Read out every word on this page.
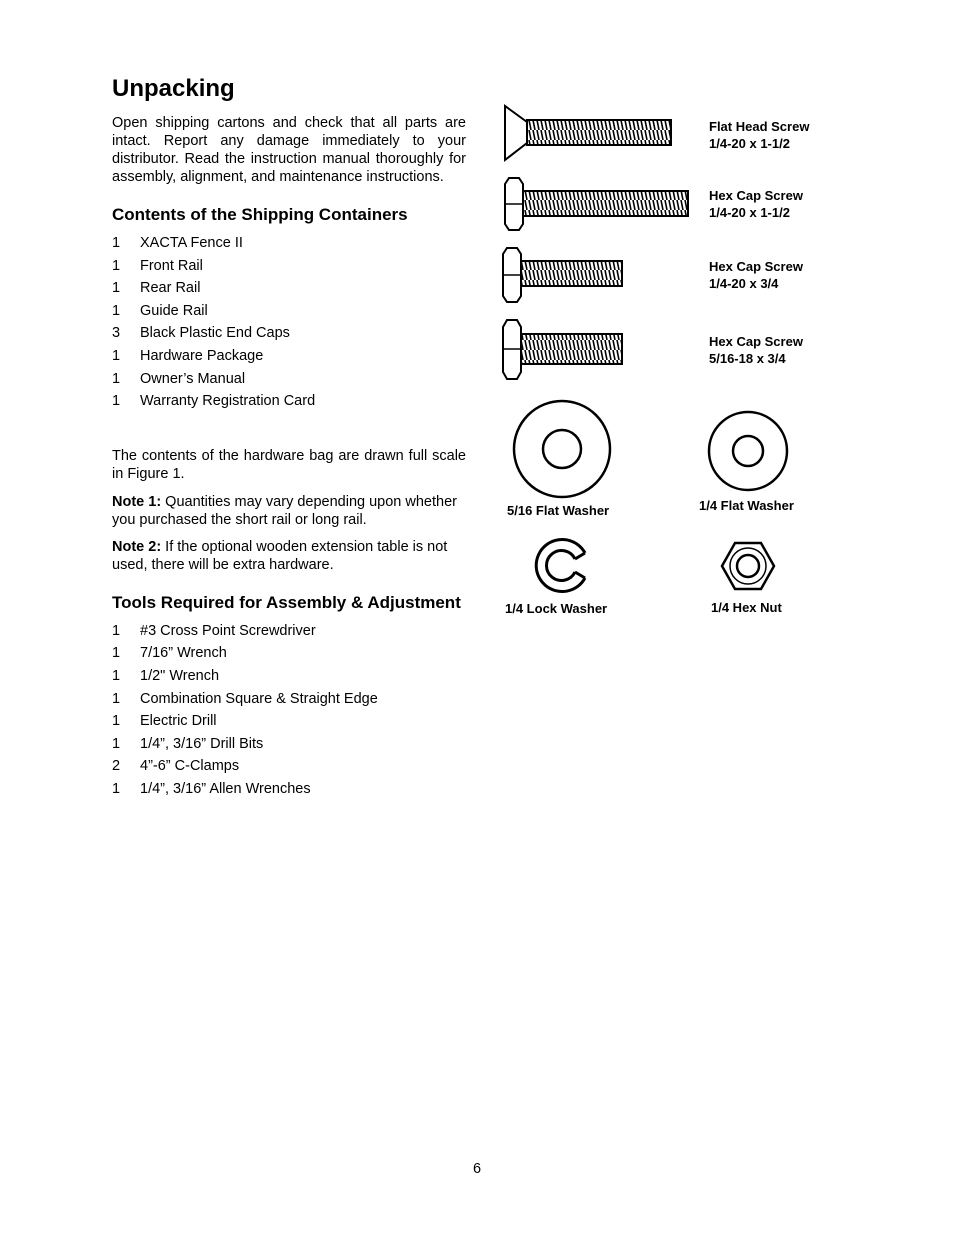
Unpacking

Open shipping cartons and check that all parts are intact. Report any damage immediately to your distributor. Read the instruction manual thoroughly for assembly, alignment, and maintenance instructions.

Contents of the Shipping Containers
1	XACTA Fence II
1	Front Rail
1	Rear Rail
1	Guide Rail
3	Black Plastic End Caps
1	Hardware Package
1	Owner’s Manual
1	Warranty Registration Card

The contents of the hardware bag are drawn full scale in Figure 1.

Note 1: Quantities may vary depending upon whether you purchased the short rail or long rail.

Note 2: If the optional wooden extension table is not used, there will be extra hardware.

Tools Required for Assembly & Adjustment
1	#3 Cross Point Screwdriver
1	7/16” Wrench
1	1/2" Wrench
1	Combination Square & Straight Edge
1	Electric Drill
1	1/4”, 3/16” Drill Bits
2	4”-6” C-Clamps
1	1/4”, 3/16” Allen Wrenches
Flat Head Screw
1/4-20 x 1-1/2
Hex Cap Screw
1/4-20 x 1-1/2
Hex Cap Screw
1/4-20 x 3/4
Hex Cap Screw
5/16-18 x 3/4
5/16 Flat Washer	1/4 Flat Washer
1/4 Lock Washer	1/4 Hex Nut
6
